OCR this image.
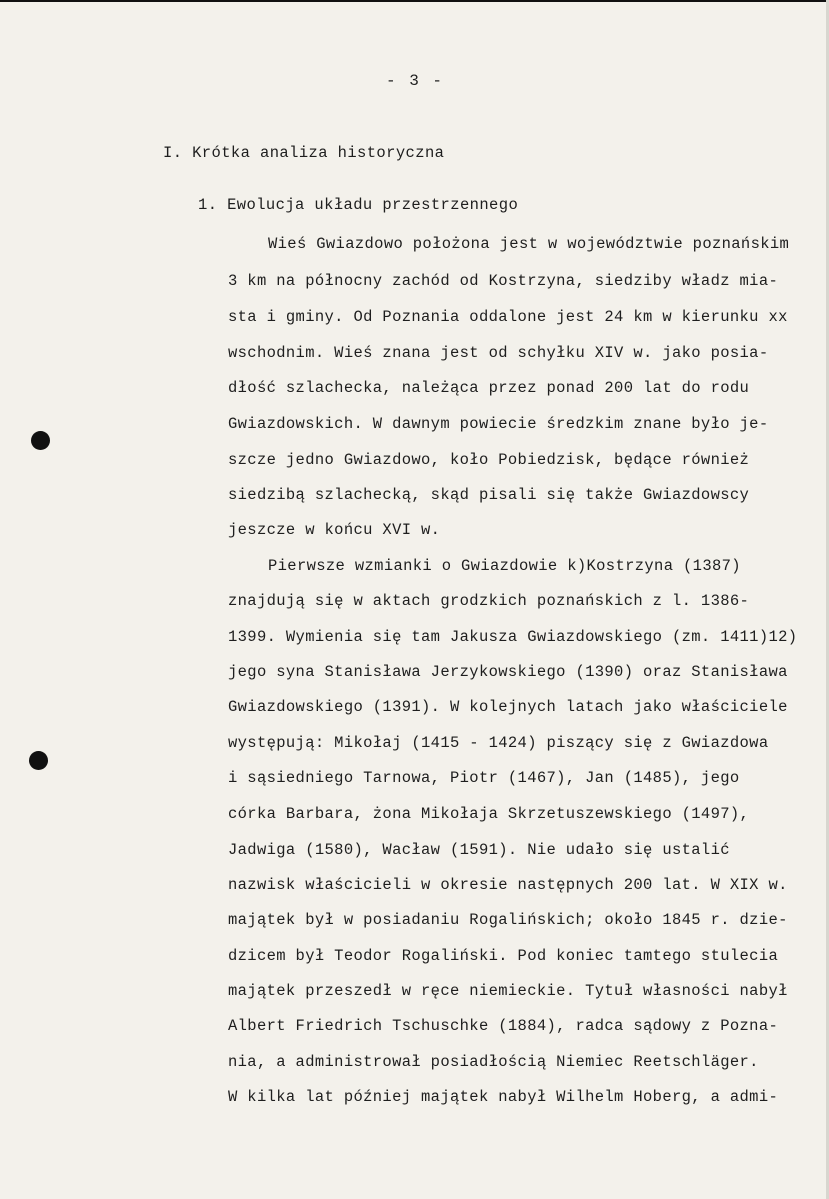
- 3 -
I. Krótka analiza historyczna
1. Ewolucja układu przestrzennego
Wieś Gwiazdowo położona jest w województwie poznańskim
3 km na północny zachód od Kostrzyna, siedziby władz mia-
sta i gminy. Od Poznania oddalone jest 24 km w kierunku xx
wschodnim. Wieś znana jest od schyłku XIV w. jako posia-
dłość szlachecka, należąca przez ponad 200 lat do rodu
Gwiazdowskich. W dawnym powiecie średzkim znane było je-
szcze jedno Gwiazdowo, koło Pobiedzisk, będące również
siedzibą szlachecką, skąd pisali się także Gwiazdowscy
jeszcze w końcu XVI w.
Pierwsze wzmianki o Gwiazdowie k)Kostrzyna (1387)
znajdują się w aktach grodzkich poznańskich z l. 1386-
1399. Wymienia się tam Jakusza Gwiazdowskiego (zm. 1411)12)
jego syna Stanisława Jerzykowskiego (1390) oraz Stanisława
Gwiazdowskiego (1391). W kolejnych latach jako właściciele
występują: Mikołaj (1415 - 1424) piszący się z Gwiazdowa
i sąsiedniego Tarnowa, Piotr (1467), Jan (1485), jego
córka Barbara, żona Mikołaja Skrzetuszewskiego (1497),
Jadwiga (1580), Wacław (1591). Nie udało się ustalić
nazwisk właścicieli w okresie następnych 200 lat. W XIX w.
majątek był w posiadaniu Rogalińskich; około 1845 r. dzie-
dzicem był Teodor Rogaliński. Pod koniec tamtego stulecia
majątek przeszedł w ręce niemieckie. Tytuł własności nabył
Albert Friedrich Tschuschke (1884), radca sądowy z Pozna-
nia, a administrował posiadłością Niemiec Reetschläger.
W kilka lat później majątek nabył Wilhelm Hoberg, a admi-
